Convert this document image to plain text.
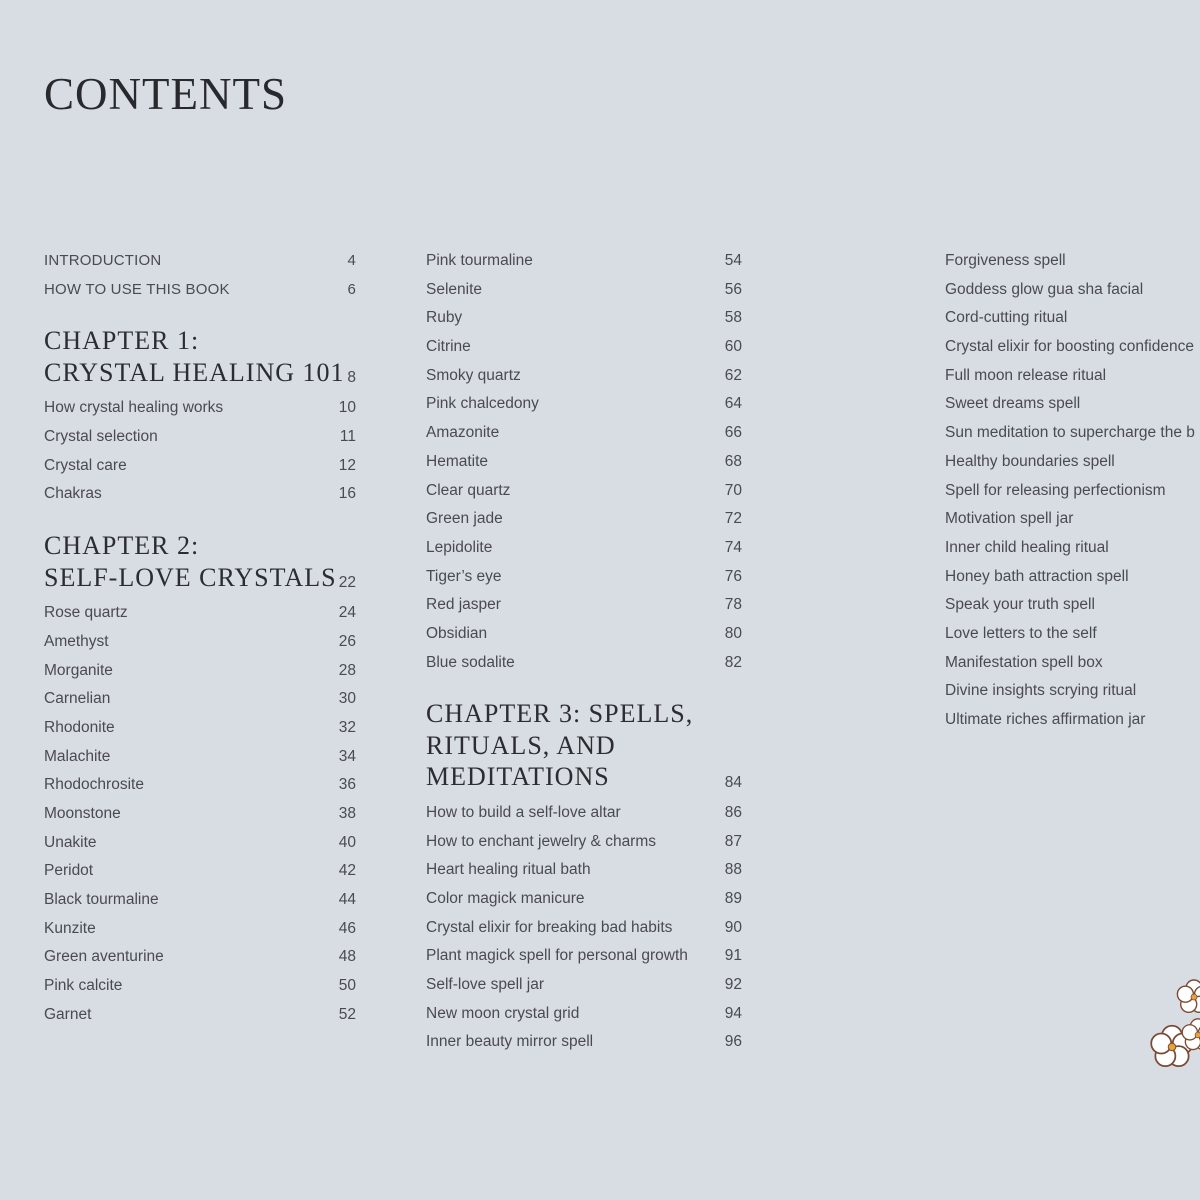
CONTENTS
INTRODUCTION	4
HOW TO USE THIS BOOK	6
CHAPTER 1:
CRYSTAL HEALING 101 8
How crystal healing works	10
Crystal selection	11
Crystal care	12
Chakras	16
CHAPTER 2:
SELF-LOVE CRYSTALS 22
Rose quartz	24
Amethyst	26
Morganite	28
Carnelian	30
Rhodonite	32
Malachite	34
Rhodochrosite	36
Moonstone	38
Unakite	40
Peridot	42
Black tourmaline	44
Kunzite	46
Green aventurine	48
Pink calcite	50
Garnet	52
Pink tourmaline	54
Selenite	56
Ruby	58
Citrine	60
Smoky quartz	62
Pink chalcedony	64
Amazonite	66
Hematite	68
Clear quartz	70
Green jade	72
Lepidolite	74
Tiger’s eye	76
Red jasper	78
Obsidian	80
Blue sodalite	82
CHAPTER 3: SPELLS,
RITUALS, AND
MEDITATIONS	84
How to build a self-love altar	86
How to enchant jewelry & charms	87
Heart healing ritual bath	88
Color magick manicure	89
Crystal elixir for breaking bad habits	90
Plant magick spell for personal growth 91
Self-love spell jar	92
New moon crystal grid	94
Inner beauty mirror spell	96
Forgiveness spell
Goddess glow gua sha facial
Cord-cutting ritual
Crystal elixir for boosting confidence
Full moon release ritual
Sweet dreams spell
Sun meditation to supercharge the b
Healthy boundaries spell
Spell for releasing perfectionism
Motivation spell jar
Inner child healing ritual
Honey bath attraction spell
Speak your truth spell
Love letters to the self
Manifestation spell box
Divine insights scrying ritual
Ultimate riches affirmation jar
